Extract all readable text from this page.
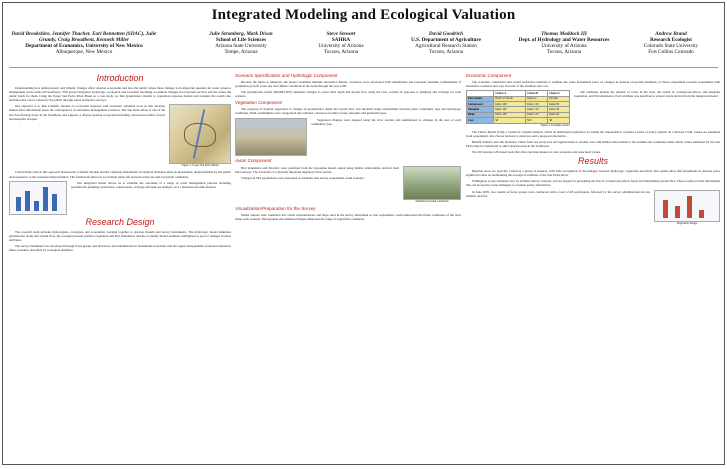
Integrated Modeling and Ecological Valuation
David Brookshire, Jennifer Thacher, Earl Bennetten (SDAC), Julie Grundy, Craig Broadbent, Kenneth Miller
Department of Economics, University of New Mexico
Albuquerque, New Mexico
Julie Stromberg, Mark Dixon
School of Life Sciences
Arizona State University
Tempe, Arizona
Steve Stewart
SAHRA
University of Arizona
Tucson, Arizona
David Goodrich
U.S. Department of Agriculture
Agricultural Research Station
Tucson, Arizona
Thomas Maddock III
Dept. of Hydrology and Water Resources
University of Arizona
Tucson, Arizona
Andrew Brand
Research Ecologist
Colorado State University
Fort Collins Colorado
Introduction

Understanding how anthropogenic and climatic changes affect riparian ecosystems and how the public values these changes is an important question for water resource management in the semi-arid Southwest. This project integrates hydrologic, ecological and economic modeling to estimate changes in ecosystem services and the values the public holds for them. Using the Upper San Pedro River Basin as a case study, we link groundwater models to vegetation response models and translate the results into attributes that can be valued by the public through stated preference surveys.

Our objective is to link scientific models of ecosystem response with economic valuation tools so that decision makers have information about the consequences of alternative management scenarios. The San Pedro River is one of the last free-flowing rivers in the Southwest and supports a diverse riparian ecosystem including cottonwood-willow forests and mesquite bosques.

Figure 1. Upper San Pedro Basin

Critical links exist in this approach between the scientific models and the valuation instruments. Ecological attributes must be measurable, understandable by the public and responsive to the scenarios being modeled. The framework allows us to evaluate trade-offs between water use and ecosystem conditions.

Our integrated model allows us to examine the outcomes of a range of water management policies including groundwater pumping restrictions, conservation, recharge and land use changes over a multi-decade time horizon.

Research Design

The research team includes hydrologists, ecologists, and economists working together to develop models and survey instruments. The hydrologic model simulates groundwater levels and stream flow; the ecological model predicts vegetation and bird abundance; and the economic model estimates willingness to pay for changes in these attributes.

The survey instrument was developed through focus groups and interviews and administered to households in Arizona and the region. Respondents evaluated alternative future scenarios described by ecological attributes.

Scenario Specification and Hydrologic Component

Because the future is unknown, the project examines multiple alternative futures. Scenarios were developed with stakeholders and represent plausible combinations of population growth, water use and climate conditions in the basin through the year 2100.

The groundwater model (MODFLOW) simulates changes in water table depth and stream flow along the river corridor in response to pumping and recharge for each scenario.

Vegetation Component

The response of riparian vegetation to changes in groundwater depth and stream flow was modeled using relationships between plant community type and hydrologic conditions. Plant communities were categorized into wetland, cottonwood-willow forest, mesquite and grassland types.

Vegetation changes were mapped along the river reaches and summarized as changes in the area of each community type.

Avian Component

Bird abundance and diversity were predicted from the vegetation model output using habitat relationships derived from field surveys. The San Pedro is a globally important migratory bird corridor.

Changes in bird populations were expressed as attributes that survey respondents could evaluate.

Simulated riparian conditions
Visualization/Preparation for the Survey

Model outputs were translated into visual representations and maps used in the survey instrument so that respondents could understand the future conditions of the river under each scenario. Photographs and simulated images illustrated the range of vegetation conditions.

Economic Component

The economic component uses stated preference methods to estimate the value households place on changes in riparian ecosystem attributes. A choice experiment presents respondents with alternative scenarios that vary in levels of the attributes and cost.

	Choice A	Choice B	Choice C
Flow Status	Hold at Current	Improve	Decline
Cottonwood	Index 100	Index 120	Index 80
Mesquite	Index 100	Index 110	Index 90
Birds	Index 100	Index 115	Index 85
Cost	$0	$50	$0
Figure 3. Example Choice

The attributes include the amount of water in the river, the extent of cottonwood-willow and mesquite vegetation, and bird abundance. Each attribute was described at several levels derived from the integrated model.

The Choice Model (CM), a variant of conjoint analysis, elicits an individual's preference by asking the respondent to consider a series of policy options. In a discrete CVM, values are estimated from respondents who choose between a status quo and a proposed alternative.

Benefit Transfer uses the monetary values from one study area and applies them to another area with similar characteristics. We examine the conditions under which values estimated for the San Pedro may be transferred to other riparian areas in the Southwest.

We will develop GIS-based tools that allow decision makers to view scenarios and associated values.

Results

Riparian areas are typically valued as a group of features, with little recognition of the linkages between hydrology, vegetation and birds. Our results show that households in Arizona place significant value on maintaining the ecological attributes of the San Pedro River.

Willingness to pay estimates vary by attribute and by scenario, and are largest for preventing the loss of cottonwood-willow forest and maintaining stream flow. These results provide information that can be used by water managers to evaluate policy alternatives.

In June 2005, two rounds of focus groups were conducted with a total of 48 participants, followed by the survey administration in late summer and fall.

Vegetation change
